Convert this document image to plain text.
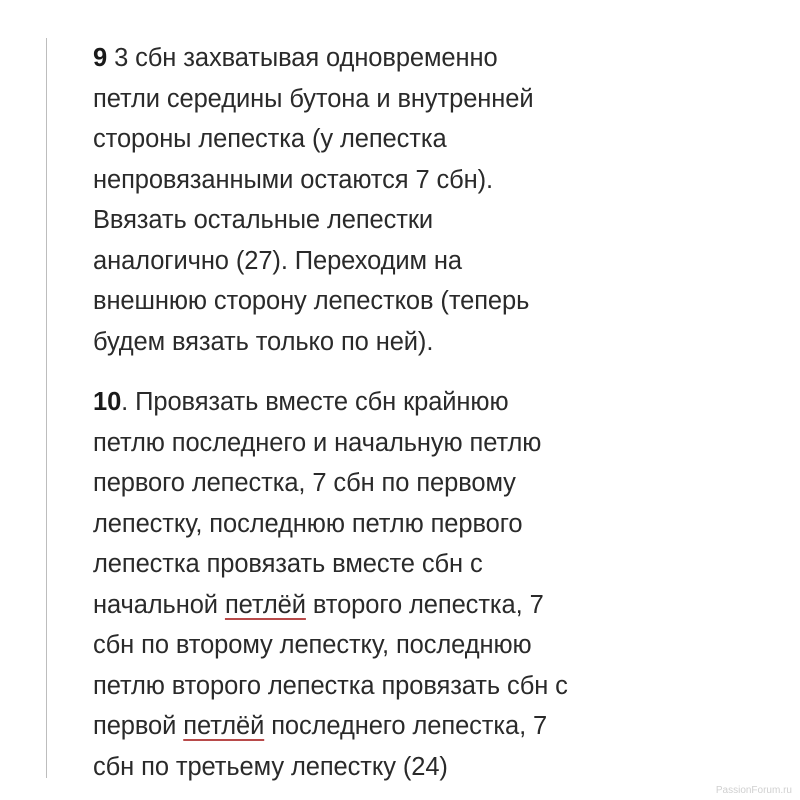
9 3 сбн захватывая одновременно
петли середины бутона и внутренней
стороны лепестка (у лепестка
непровязанными остаются 7 сбн).
Ввязать остальные лепестки
аналогично (27). Переходим на
внешнюю сторону лепестков (теперь
будем вязать только по ней).

10. Провязать вместе сбн крайнюю
петлю последнего и начальную петлю
первого лепестка, 7 сбн по первому
лепестку, последнюю петлю первого
лепестка провязать вместе сбн с
начальной петлёй второго лепестка, 7
сбн по второму лепестку, последнюю
петлю второго лепестка провязать сбн с
первой петлёй последнего лепестка, 7
сбн по третьему лепестку (24)

PassionForum.ru
